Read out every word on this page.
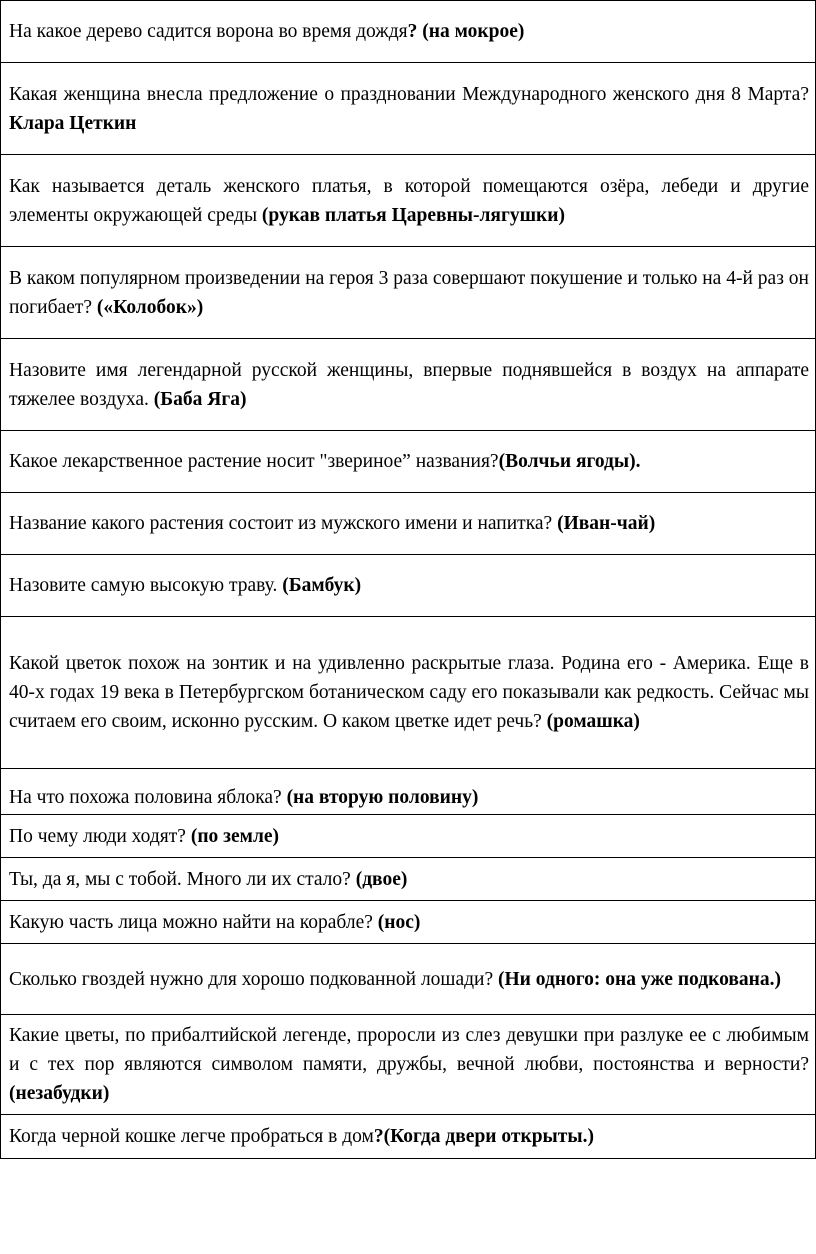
На какое дерево садится ворона во время дождя? (на мокрое)
Какая женщина внесла предложение о праздновании Международного женского дня 8 Марта? Клара Цеткин
Как называется деталь женского платья, в которой помещаются озёра, лебеди и другие элементы окружающей среды (рукав платья Царевны-лягушки)
В каком популярном произведении на героя 3 раза совершают покушение и только на 4-й раз он погибает? («Колобок»)
Назовите имя легендарной русской женщины, впервые поднявшейся в воздух на аппарате тяжелее воздуха. (Баба Яга)
Какое лекарственное растение носит "звериное” названия?(Волчьи ягоды).
Название какого растения состоит из мужского имени и напитка? (Иван-чай)
Назовите самую высокую траву. (Бамбук)
Какой цветок похож на зонтик и на удивленно раскрытые глаза. Родина его - Америка. Еще в 40-х годах 19 века в Петербургском ботаническом саду его показывали как редкость. Сейчас мы считаем его своим, исконно русским. О каком цветке идет речь? (ромашка)
На что похожа половина яблока? (на вторую половину)
По чему люди ходят? (по земле)
Ты, да я, мы с тобой. Много ли их стало? (двое)
Какую часть лица можно найти на корабле? (нос)
Сколько гвоздей нужно для хорошо подкованной лошади? (Ни одного: она уже подкована.)
Какие цветы, по прибалтийской легенде, проросли из слез девушки при разлуке ее с любимым и с тех пор являются символом памяти, дружбы, вечной любви, постоянства и верности? (незабудки)
Когда черной кошке легче пробраться в дом?(Когда двери открыты.)
